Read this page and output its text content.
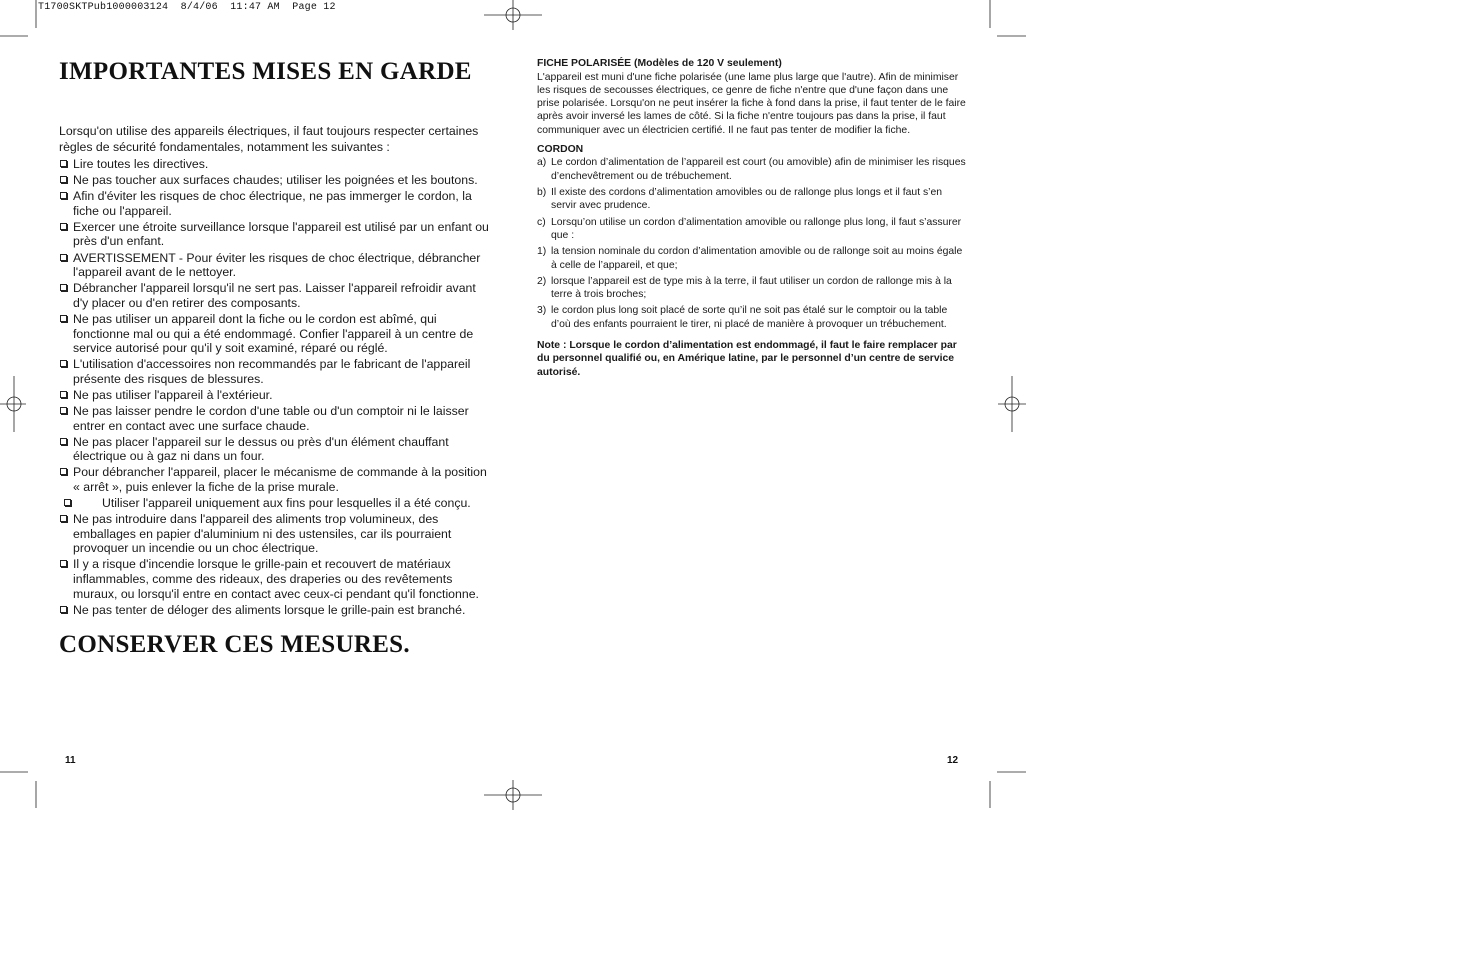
T1700SKTPub1000003124  8/4/06  11:47 AM  Page 12
IMPORTANTES MISES EN GARDE

Lorsqu'on utilise des appareils électriques, il faut toujours respecter certaines règles de sécurité fondamentales, notamment les suivantes :

Lire toutes les directives.
Ne pas toucher aux surfaces chaudes; utiliser les poignées et les boutons.
Afin d'éviter les risques de choc électrique, ne pas immerger le cordon, la fiche ou l'appareil.
Exercer une étroite surveillance lorsque l'appareil est utilisé par un enfant ou près d'un enfant.
AVERTISSEMENT - Pour éviter les risques de choc électrique, débrancher l'appareil avant de le nettoyer.
Débrancher l'appareil lorsqu'il ne sert pas. Laisser l'appareil refroidir avant d'y placer ou d'en retirer des composants.
Ne pas utiliser un appareil dont la fiche ou le cordon est abîmé, qui fonctionne mal ou qui a été endommagé. Confier l'appareil à un centre de service autorisé pour qu'il y soit examiné, réparé ou réglé.
L'utilisation d'accessoires non recommandés par le fabricant de l'appareil présente des risques de blessures.
Ne pas utiliser l'appareil à l'extérieur.
Ne pas laisser pendre le cordon d'une table ou d'un comptoir ni le laisser entrer en contact avec une surface chaude.
Ne pas placer l'appareil sur le dessus ou près d'un élément chauffant électrique ou à gaz ni dans un four.
Pour débrancher l'appareil, placer le mécanisme de commande à la position « arrêt », puis enlever la fiche de la prise murale.
Utiliser l'appareil uniquement aux fins pour lesquelles il a été conçu.
Ne pas introduire dans l'appareil des aliments trop volumineux, des emballages en papier d'aluminium ni des ustensiles, car ils pourraient provoquer un incendie ou un choc électrique.
Il y a risque d'incendie lorsque le grille-pain et recouvert de matériaux inflammables, comme des rideaux, des draperies ou des revêtements muraux, ou lorsqu'il entre en contact avec ceux-ci pendant qu'il fonctionne.
Ne pas tenter de déloger des aliments lorsque le grille-pain est branché.
CONSERVER CES MESURES.
11

FICHE POLARISÉE (Modèles de 120 V seulement)

L'appareil est muni d'une fiche polarisée (une lame plus large que l'autre). Afin de minimiser les risques de secousses électriques, ce genre de fiche n'entre que d'une façon dans une prise polarisée. Lorsqu'on ne peut insérer la fiche à fond dans la prise, il faut tenter de le faire après avoir inversé les lames de côté. Si la fiche n'entre toujours pas dans la prise, il faut communiquer avec un électricien certifié. Il ne faut pas tenter de modifier la fiche.

CORDON

a) Le cordon d’alimentation de l’appareil est court (ou amovible) afin de minimiser les risques d’enchevêtrement ou de trébuchement.
b) Il existe des cordons d’alimentation amovibles ou de rallonge plus longs et il faut s’en servir avec prudence.
c) Lorsqu’on utilise un cordon d’alimentation amovible ou rallonge plus long, il faut s’assurer que :
1) la tension nominale du cordon d’alimentation amovible ou de rallonge soit au moins égale à celle de l’appareil, et que;
2) lorsque l’appareil est de type mis à la terre, il faut utiliser un cordon de rallonge mis à la terre à trois broches;
3) le cordon plus long soit placé de sorte qu’il ne soit pas étalé sur le comptoir ou la table d’où des enfants pourraient le tirer, ni placé de manière à provoquer un trébuchement.

Note : Lorsque le cordon d’alimentation est endommagé, il faut le faire remplacer par du personnel qualifié ou, en Amérique latine, par le personnel d’un centre de service autorisé.

12
